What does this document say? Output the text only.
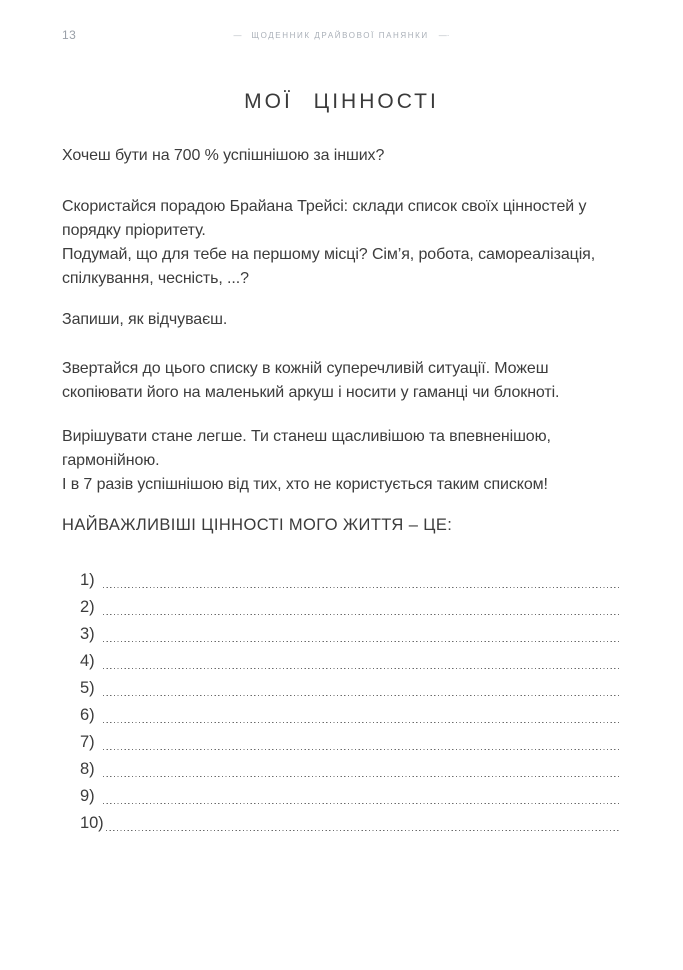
13	— ЩОДЕННИК ДРАЙВОВОЇ ПАНЯНКИ —·
МОЇ ЦІННОСТІ

Хочеш бути на 700 % успішнішою за інших?

Скористайся порадою Брайана Трейсі: склади список своїх цінностей у порядку пріоритету.

Подумай, що для тебе на першому місці? Сім’я, робота, самореалізація, спілкування, чесність, ...?

Запиши, як відчуваєш.

Звертайся до цього списку в кожній суперечливій ситуації. Можеш скопіювати його на маленький аркуш і носити у гаманці чи блокноті.

Вирішувати стане легше. Ти станеш щасливішою та впевненішою, гармонійною.

І в 7 разів успішнішою від тих, хто не користується таким списком!

НАЙВАЖЛИВІШІ ЦІННОСТІ МОГО ЖИТТЯ – ЦЕ:

1)
2)
3)
4)
5)
6)
7)
8)
9)
10)
